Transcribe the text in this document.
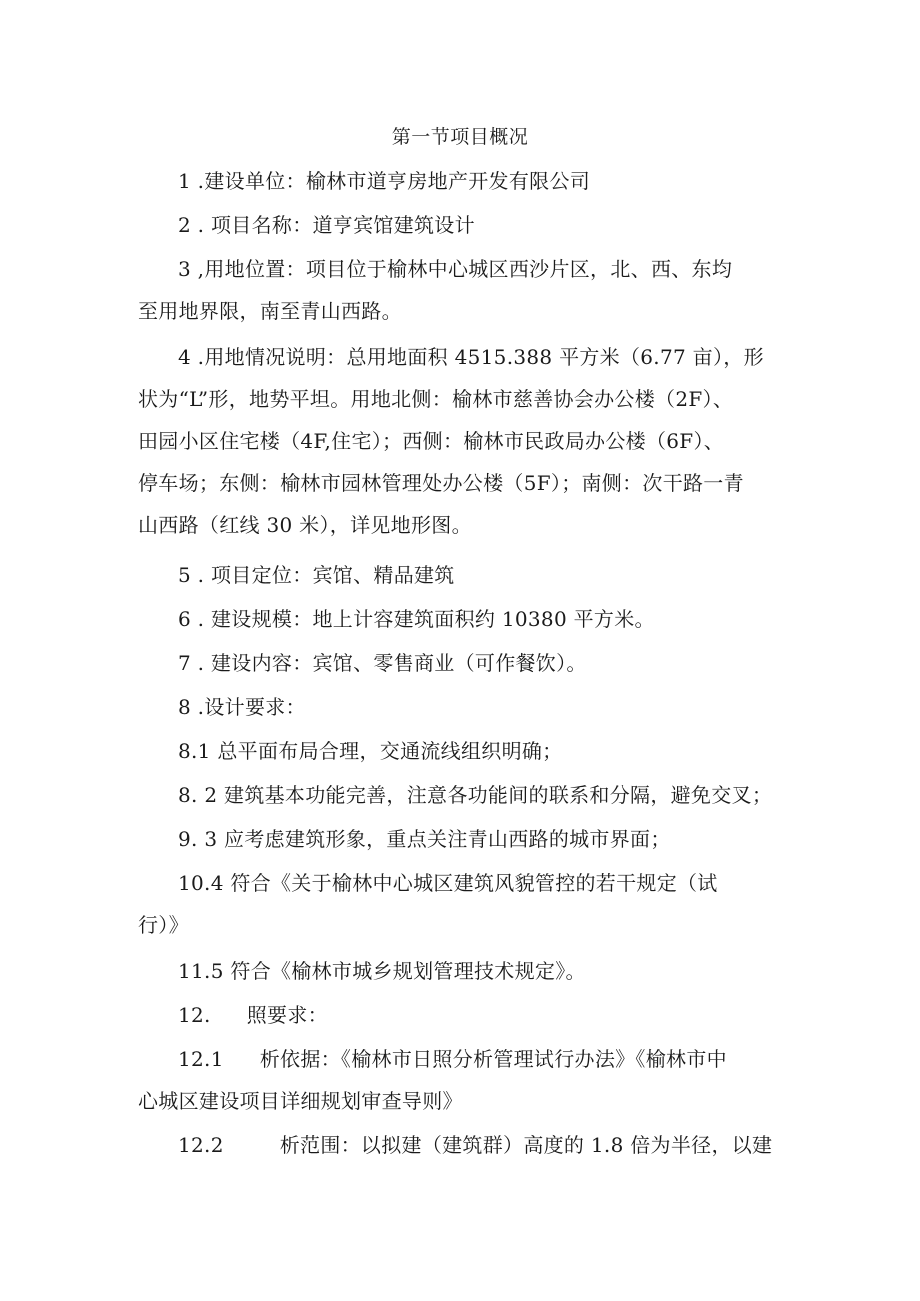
第一节项目概况
1 .建设单位：榆林市道亨房地产开发有限公司
2 . 项目名称：道亨宾馆建筑设计
3 ,用地位置：项目位于榆林中心城区西沙片区，北、西、东均
至用地界限，南至青山西路。
4 .用地情况说明：总用地面积 4515.388 平方米（6.77 亩），形
状为“L”形，地势平坦。用地北侧：榆林市慈善协会办公楼（2F）、
田园小区住宅楼（4F,住宅）；西侧：榆林市民政局办公楼（6F）、
停车场；东侧：榆林市园林管理处办公楼（5F）；南侧：次干路一青
山西路（红线 30 米），详见地形图。
5 . 项目定位：宾馆、精品建筑
6 . 建设规模：地上计容建筑面积约 10380 平方米。
7 . 建设内容：宾馆、零售商业（可作餐饮）。
8 .设计要求：
8.1 总平面布局合理，交通流线组织明确；
8. 2 建筑基本功能完善，注意各功能间的联系和分隔，避免交叉；
9. 3 应考虑建筑形象，重点关注青山西路的城市界面；
10.4 符合《关于榆林中心城区建筑风貌管控的若干规定（试
行）》
11.5 符合《榆林市城乡规划管理技术规定》。
12. 照要求：
12.1 析依据：《榆林市日照分析管理试行办法》《榆林市中
心城区建设项目详细规划审查导则》
12.2	析范围：以拟建（建筑群）高度的 1.8 倍为半径，以建
